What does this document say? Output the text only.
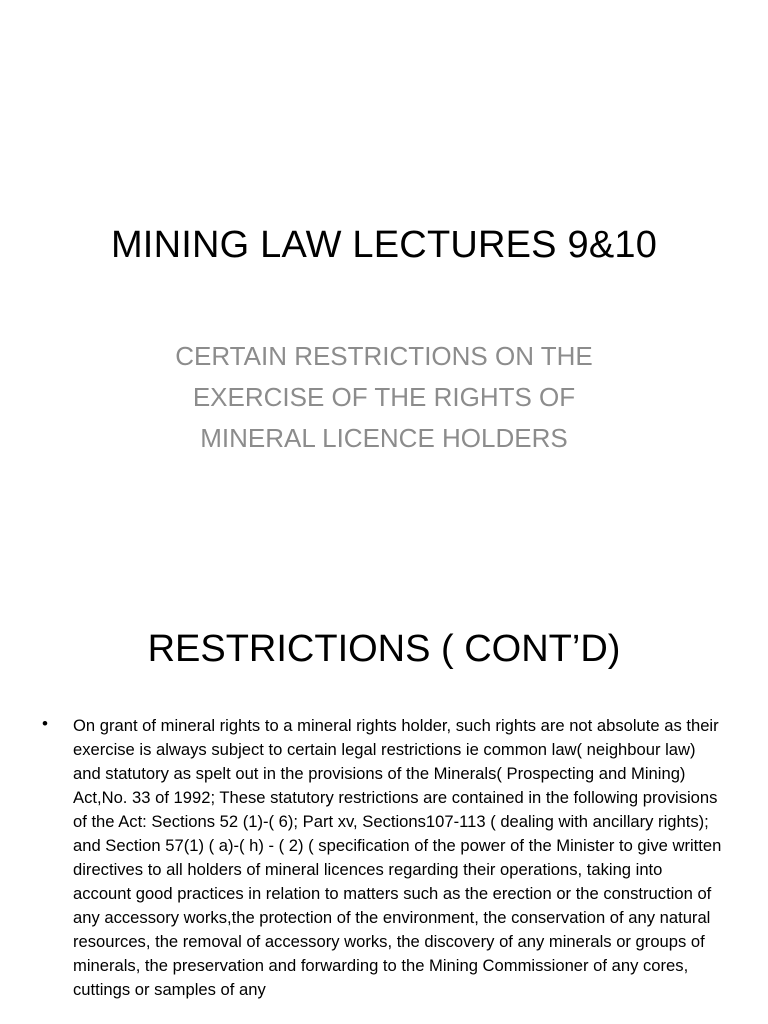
MINING LAW LECTURES 9&10
CERTAIN RESTRICTIONS ON THE EXERCISE OF THE RIGHTS OF MINERAL LICENCE HOLDERS
RESTRICTIONS ( CONT’D)
• On grant of mineral rights to a mineral rights holder, such rights are not absolute as their exercise is always subject to certain legal restrictions ie common law( neighbour law) and statutory as spelt out in the provisions of the Minerals( Prospecting and Mining) Act,No. 33 of 1992; These statutory restrictions are contained in the following provisions of the Act: Sections 52 (1)-( 6); Part xv, Sections107-113 ( dealing with ancillary rights); and Section 57(1) ( a)-( h) - ( 2) ( specification of the power of the Minister to give written directives to all holders of mineral licences regarding their operations, taking into account good practices in relation to matters such as the erection or the construction of any accessory works,the protection of the environment, the conservation of any natural resources, the removal of accessory works, the discovery of any minerals or groups of minerals, the preservation and forwarding to the Mining Commissioner of any cores, cuttings or samples of any
